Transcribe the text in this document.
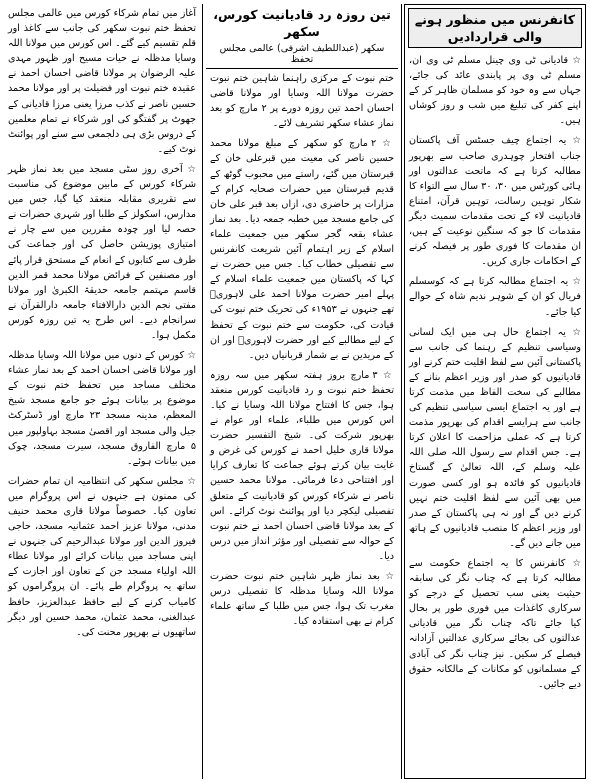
کانفرنس میں منظور ہونے والی قراردادیں

☆ قادیانی ٹی وی چینل مسلم ٹی وی ان، مسلم ٹی وی پر پابندی عائد کی جائے، جہاں سے وہ خود کو مسلمان ظاہر کر کے اپنے کفر کی تبلیغ میں شب و روز کوشاں ہیں۔

☆ یہ اجتماع چیف جسٹس آف پاکستان جناب افتخار چوہدری صاحب سے بھرپور مطالبہ کرتا ہے کہ ماتحت عدالتوں اور ہائی کورٹس میں ۳۰، ۳۰ سال سے التواء کا شکار توہین رسالت، توہین قرآن، امتناع قادیانیت لاء کے تحت مقدمات سمیت دیگر مقدمات کا جو کہ سنگین نوعیت کے ہیں، ان مقدمات کا فوری طور پر فیصلہ کرنے کے احکامات جاری کریں۔

☆ یہ اجتماع مطالبہ کرتا ہے کہ کوسسلم فریال کو ان کے شوہر ندیم شاہ کے حوالے کیا جائے۔

☆ یہ اجتماع حال ہی میں ایک لسانی وسیاسی تنظیم کے رہنما کی جانب سے پاکستانی آئین سے لفظ اقلیت ختم کرنے اور قادیانیوں کو صدر اور وزیر اعظم بنانے کے مطالبے کی سخت الفاظ میں مذمت کرتا ہے اور یہ اجتماع ایسی سیاسی تنظیم کی جانب سے ہرایسے اقدام کی بھرپور مذمت کرتا ہے کہ عملی مزاحمت کا اعلان کرتا ہے۔ جس اقدام سے رسول اللہ صلی اللہ علیہ وسلم کے، اللہ تعالیٰ کے گستاخ قادیانیوں کو فائدہ ہو اور کسی صورت میں بھی آئین سے لفظ اقلیت ختم نہیں کرنے دیں گے اور نہ ہی پاکستان کے صدر اور وزیر اعظم کا منصب قادیانیوں کے ہاتھ میں جانے دیں گے۔

☆ کانفرنس کا یہ اجتماع حکومت سے مطالبہ کرتا ہے کہ چناب نگر کی سابقہ حیثیت یعنی سب تحصیل کے درجے کو سرکاری کاغذات میں فوری طور پر بحال کیا جائے تاکہ چناب نگر میں قادیانی عدالتوں کی بجائے سرکاری عدالتیں آزادانہ فیصلے کر سکیں۔ نیز چناب نگر کی آبادی کے مسلمانوں کو مکانات کے مالکانہ حقوق دیے جائیں۔

تین روزہ رد قادیانیت کورس، سکھر
سکھر (عبداللطیف اشرفی) عالمی مجلس تحفظ

ختم نبوت کے مرکزی راہنما شاہین ختم نبوت حضرت مولانا اللہ وسایا اور مولانا قاضی احسان احمد تین روزہ دورے پر ۲ مارچ کو بعد نماز عشاء سکھر تشریف لائے۔

☆ ۲ مارچ کو سکھر کے مبلغ مولانا محمد حسین ناصر کی معیت میں قبرعلی خان کے قبرستان میں گئے، راستے میں محبوب گوٹھ کے قدیم قبرستان میں حضرات صحابہ کرام کے مزارات پر حاضری دی، ازاں بعد قبر علی خان کی جامع مسجد میں خطبہ جمعہ دیا۔ بعد نماز عشاء بقعہ گجر سکھر میں جمعیت علماء اسلام کے زیر اہتمام آئین شریعت کانفرنس سے تفصیلی خطاب کیا۔ جس میں حضرت نے کہا کہ پاکستان میں جمعیت علماء اسلام کے پہلے امیر حضرت مولانا احمد علی لاہوریؒ تھے جنہوں نے ۱۹۵۳ء کی تحریک ختم نبوت کی قیادت کی، حکومت سے ختم نبوت کے تحفظ کے لیے مطالبے کیے اور حضرت لاہوریؒ اور ان کے مریدین نے بے شمار قربانیاں دیں۔

☆ ۳ مارچ بروز ہفتہ سکھر میں سہ روزہ تحفظ ختم نبوت و رد قادیانیت کورس منعقد ہوا، جس کا افتتاح مولانا اللہ وسایا نے کیا۔ اس کورس میں طلباء، علماء اور عوام نے بھرپور شرکت کی۔ شیخ التفسیر حضرت مولانا قاری خلیل احمد نے کورس کی غرض و غایت بیان کرتے ہوئے جماعت کا تعارف کرایا اور افتتاحی دعا فرمائی۔ مولانا محمد حسین ناصر نے شرکاء کورس کو قادیانیت کے متعلق تفصیلی لیکچر دیا اور پوائنٹ نوٹ کرائے۔ اس کے بعد مولانا قاضی احسان احمد نے ختم نبوت کے حوالہ سے تفصیلی اور مؤثر انداز میں درس دیا۔

☆ بعد نماز ظہر شاہین ختم نبوت حضرت مولانا اللہ وسایا مدظلہ کا تفصیلی درس مغرب تک ہوا، جس میں طلبا کے ساتھ علماء کرام نے بھی استفادہ کیا۔

آغاز میں تمام شرکاء کورس میں عالمی مجلس تحفظ ختم نبوت سکھر کی جانب سے کاغذ اور قلم تقسیم کیے گئے۔ اس کورس میں مولانا اللہ وسایا مدظلہ نے حیات مسیح اور ظہور مہدی علیہ الرضوان پر مولانا قاضی احسان احمد نے عقیدہ ختم نبوت اور فضیلت پر اور مولانا محمد حسین ناصر نے کذب مرزا یعنی مرزا قادیانی کے جھوٹ پر گفتگو کی اور شرکاء نے تمام معلمین کے دروس بڑی ہی دلجمعی سے سنے اور پوائنٹ نوٹ کیے۔

☆ آخری روز سٹی مسجد میں بعد نماز ظہر شرکاء کورس کے مابین موضوع کی مناسبت سے تقریری مقابلہ منعقد کیا گیا، جس میں مدارس، اسکولز کے طلبا اور شہری حضرات نے حصہ لیا اور چودہ مقررین میں سے چار نے امتیازی پوزیشن حاصل کی اور جماعت کی طرف سے کتابوں کے انعام کے مستحق قرار پائے اور مصنفین کے فرائض مولانا محمد قمر الدین قاسم مہتمم جامعہ حدیقۃ الکبریٰ اور مولانا مفتی نجم الدین دارالافتاء جامعہ دارالقرآن نے سرانجام دیے۔ اس طرح یہ تین روزہ کورس مکمل ہوا۔

☆ کورس کے دنوں میں مولانا اللہ وسایا مدظلہ اور مولانا قاضی احسان احمد کے بعد نماز عشاء مختلف مساجد میں تحفظ ختم نبوت کے موضوع پر بیانات ہوئے جو جامع مسجد شیخ المعظم، مدینہ مسجد ۲۳ مارچ اور ڈسٹرکٹ جیل والی مسجد اور اقصیٰ مسجد بہاولپور میں ۵ مارچ الفاروق مسجد، سیرت مسجد، چوک میں بیانات ہوئے۔

☆ مجلس سکھر کی انتظامیہ ان تمام حضرات کی ممنون ہے جنہوں نے اس پروگرام میں تعاون کیا۔ خصوصاً مولانا قاری محمد حنیف مدنی، مولانا عزیز احمد عثمانیہ مسجد، حاجی فیروز الدین اور مولانا عبدالرحیم کی جنہوں نے اپنی مساجد میں بیانات کرائے اور مولانا عطاء اللہ اولیاء مسجد جن کے تعاون اور اجازت کے ساتھ یہ پروگرام طے پائے۔ ان پروگراموں کو کامیاب کرنے کے لیے حافظ عبدالعزیز، حافظ عبدالغنی، محمد عثمان، محمد حسین اور دیگر ساتھیوں نے بھرپور محنت کی۔
